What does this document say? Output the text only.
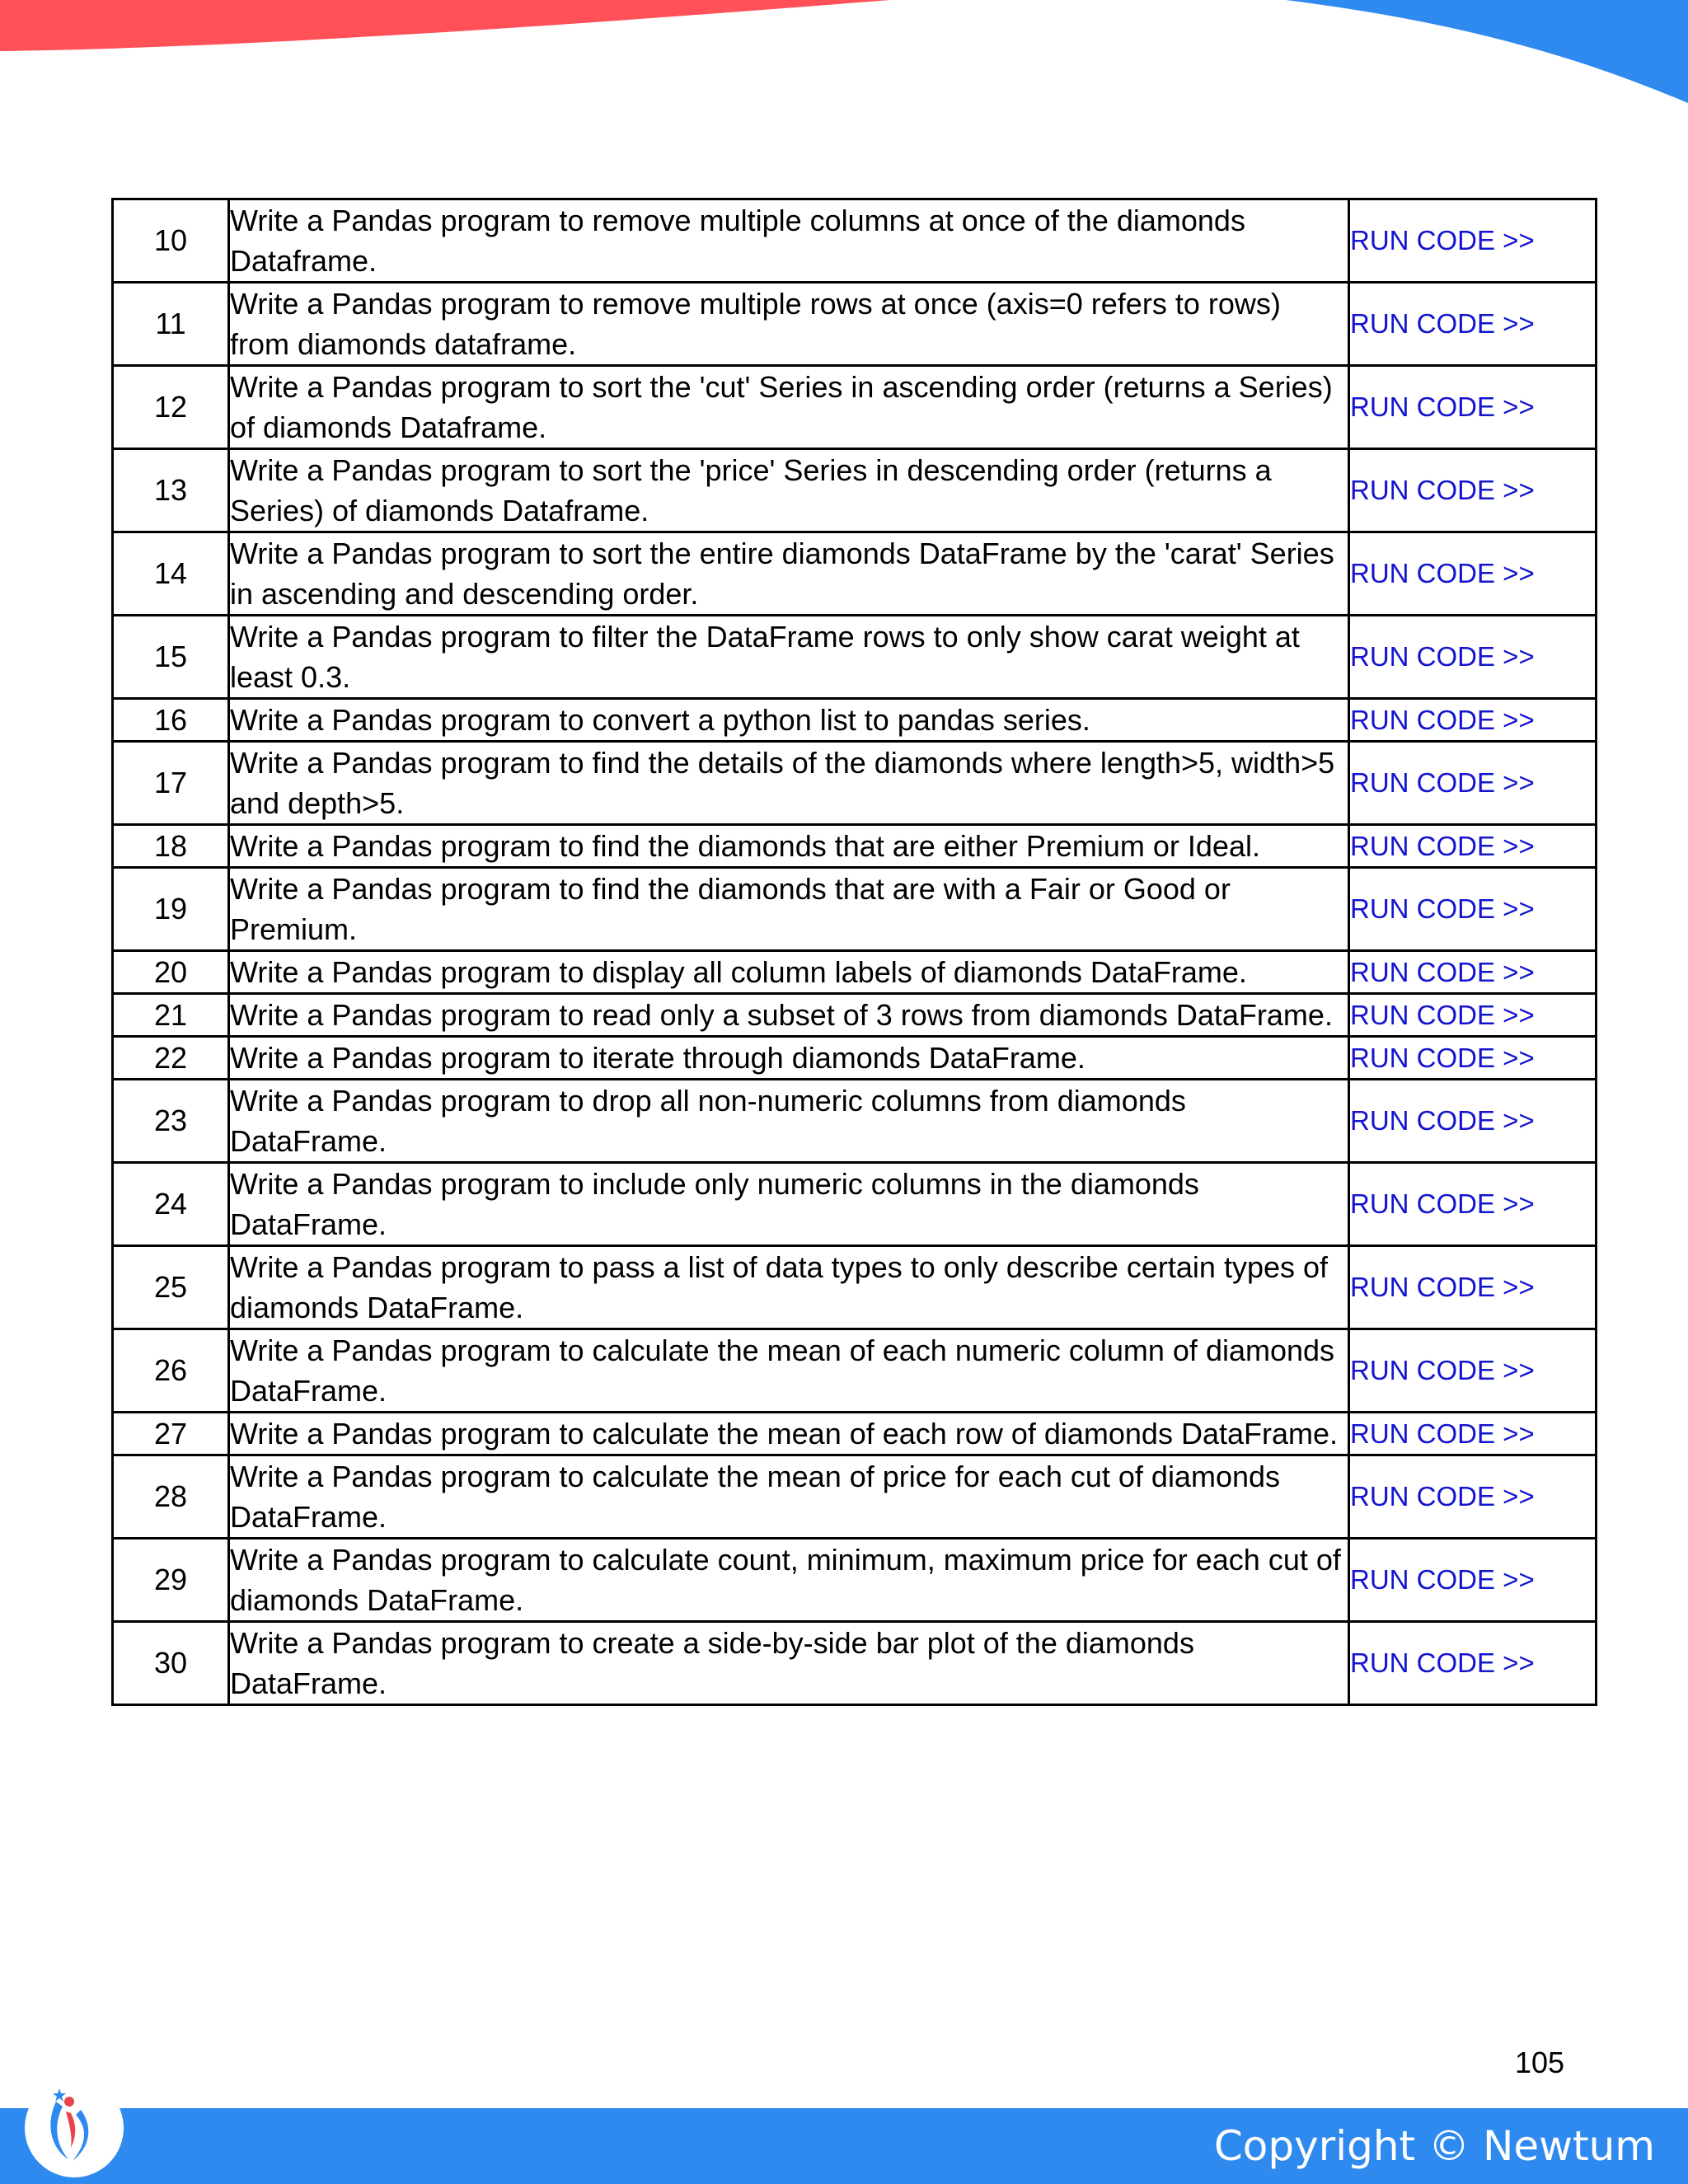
10	Write a Pandas program to remove multiple columns at once of the diamonds Dataframe.	RUN CODE >>
11	Write a Pandas program to remove multiple rows at once (axis=0 refers to rows) from diamonds dataframe.	RUN CODE >>
12	Write a Pandas program to sort the 'cut' Series in ascending order (returns a Series) of diamonds Dataframe.	RUN CODE >>
13	Write a Pandas program to sort the 'price' Series in descending order (returns a Series) of diamonds Dataframe.	RUN CODE >>
14	Write a Pandas program to sort the entire diamonds DataFrame by the 'carat' Series in ascending and descending order.	RUN CODE >>
15	Write a Pandas program to filter the DataFrame rows to only show carat weight at least 0.3.	RUN CODE >>
16	Write a Pandas program to convert a python list to pandas series.	RUN CODE >>
17	Write a Pandas program to find the details of the diamonds where length>5, width>5 and depth>5.	RUN CODE >>
18	Write a Pandas program to find the diamonds that are either Premium or Ideal.	RUN CODE >>
19	Write a Pandas program to find the diamonds that are with a Fair or Good or Premium.	RUN CODE >>
20	Write a Pandas program to display all column labels of diamonds DataFrame.	RUN CODE >>
21	Write a Pandas program to read only a subset of 3 rows from diamonds DataFrame.	RUN CODE >>
22	Write a Pandas program to iterate through diamonds DataFrame.	RUN CODE >>
23	Write a Pandas program to drop all non-numeric columns from diamonds DataFrame.	RUN CODE >>
24	Write a Pandas program to include only numeric columns in the diamonds DataFrame.	RUN CODE >>
25	Write a Pandas program to pass a list of data types to only describe certain types of diamonds DataFrame.	RUN CODE >>
26	Write a Pandas program to calculate the mean of each numeric column of diamonds DataFrame.	RUN CODE >>
27	Write a Pandas program to calculate the mean of each row of diamonds DataFrame.	RUN CODE >>
28	Write a Pandas program to calculate the mean of price for each cut of diamonds DataFrame.	RUN CODE >>
29	Write a Pandas program to calculate count, minimum, maximum price for each cut of diamonds DataFrame.	RUN CODE >>
30	Write a Pandas program to create a side-by-side bar plot of the diamonds DataFrame.	RUN CODE >>
105
Copyright © Newtum
